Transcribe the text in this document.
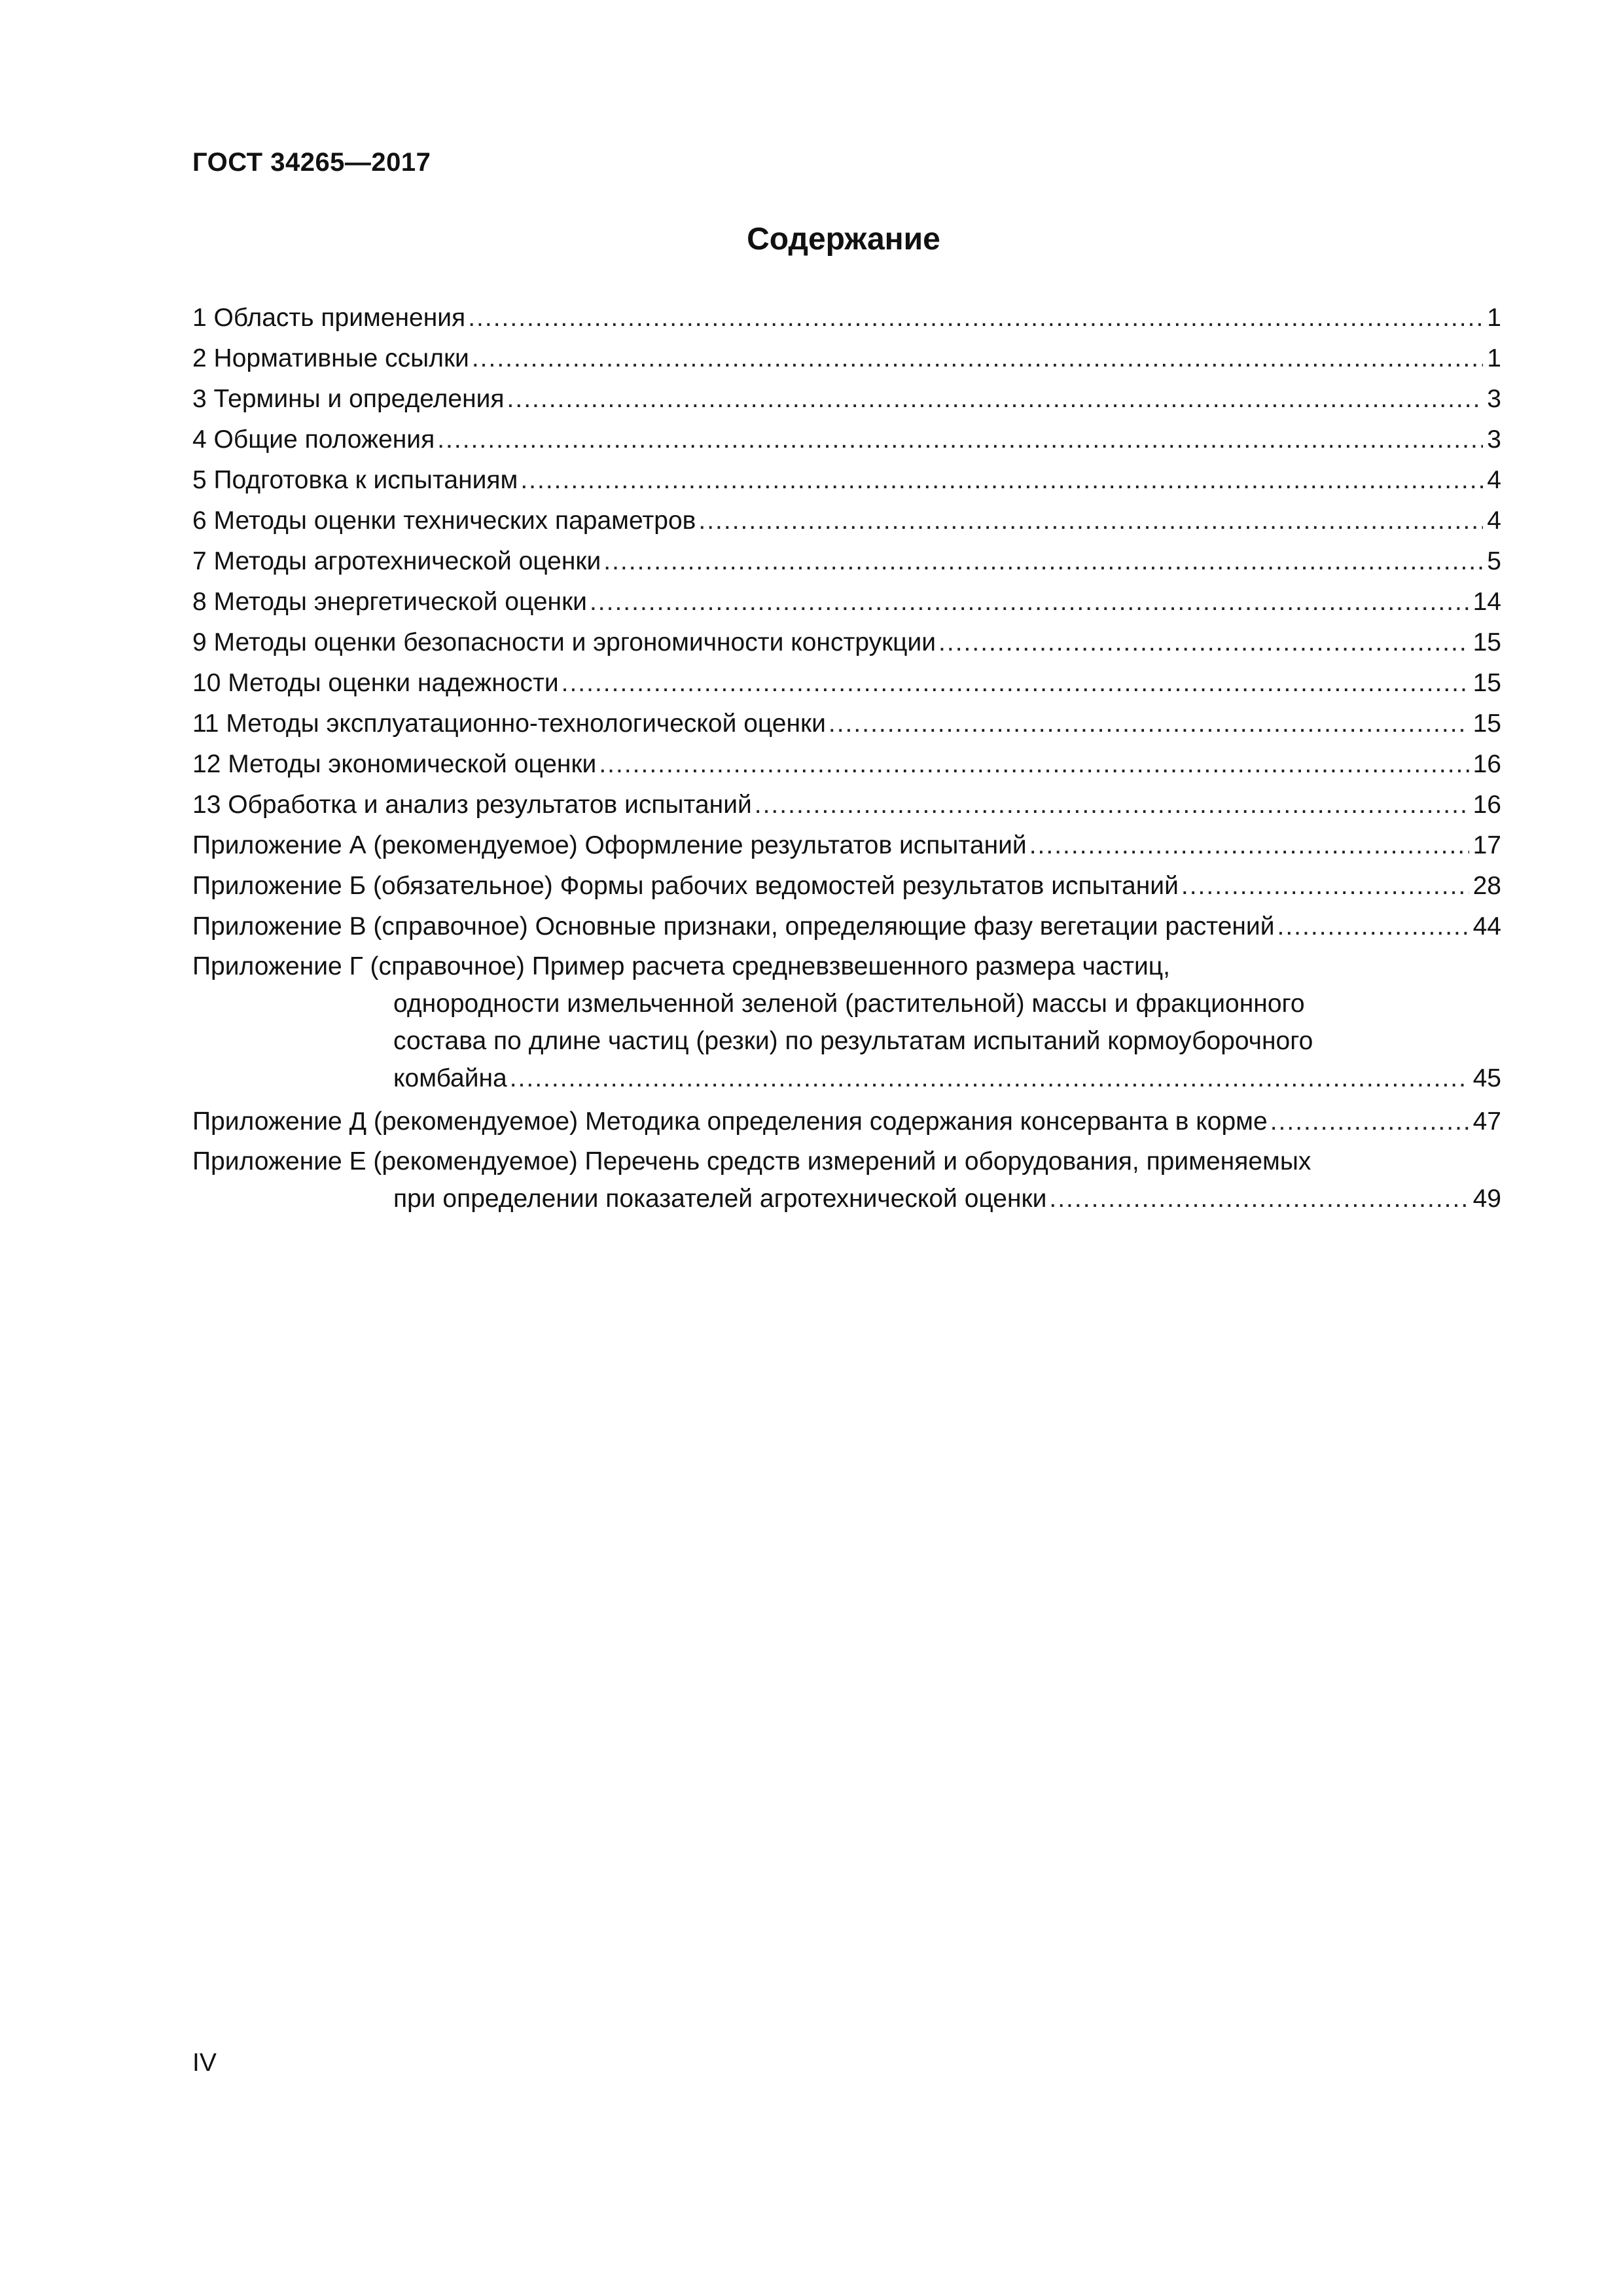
ГОСТ 34265—2017
Содержание
1 Область применения .....	1
2 Нормативные ссылки .....	1
3 Термины и определения .....	3
4 Общие положения .....	3
5 Подготовка к испытаниям .....	4
6 Методы оценки технических параметров .....	4
7 Методы агротехнической оценки .....	5
8 Методы энергетической оценки .....	14
9 Методы оценки безопасности и эргономичности конструкции .....	15
10 Методы оценки надежности .....	15
11 Методы эксплуатационно-технологической оценки .....	15
12 Методы экономической оценки .....	16
13 Обработка и анализ результатов испытаний .....	16
Приложение А (рекомендуемое) Оформление результатов испытаний .....	17
Приложение Б (обязательное) Формы рабочих ведомостей результатов испытаний .....	28
Приложение В (справочное) Основные признаки, определяющие фазу вегетации растений .....	44
Приложение Г (справочное) Пример расчета средневзвешенного размера частиц,
однородности измельченной зеленой (растительной) массы и фракционного
состава по длине частиц (резки) по результатам испытаний кормоуборочного
комбайна .....	45
Приложение Д (рекомендуемое) Методика определения содержания консерванта в корме .....	47
Приложение Е (рекомендуемое) Перечень средств измерений и оборудования, применяемых
при определении показателей агротехнической оценки .....	49
IV
